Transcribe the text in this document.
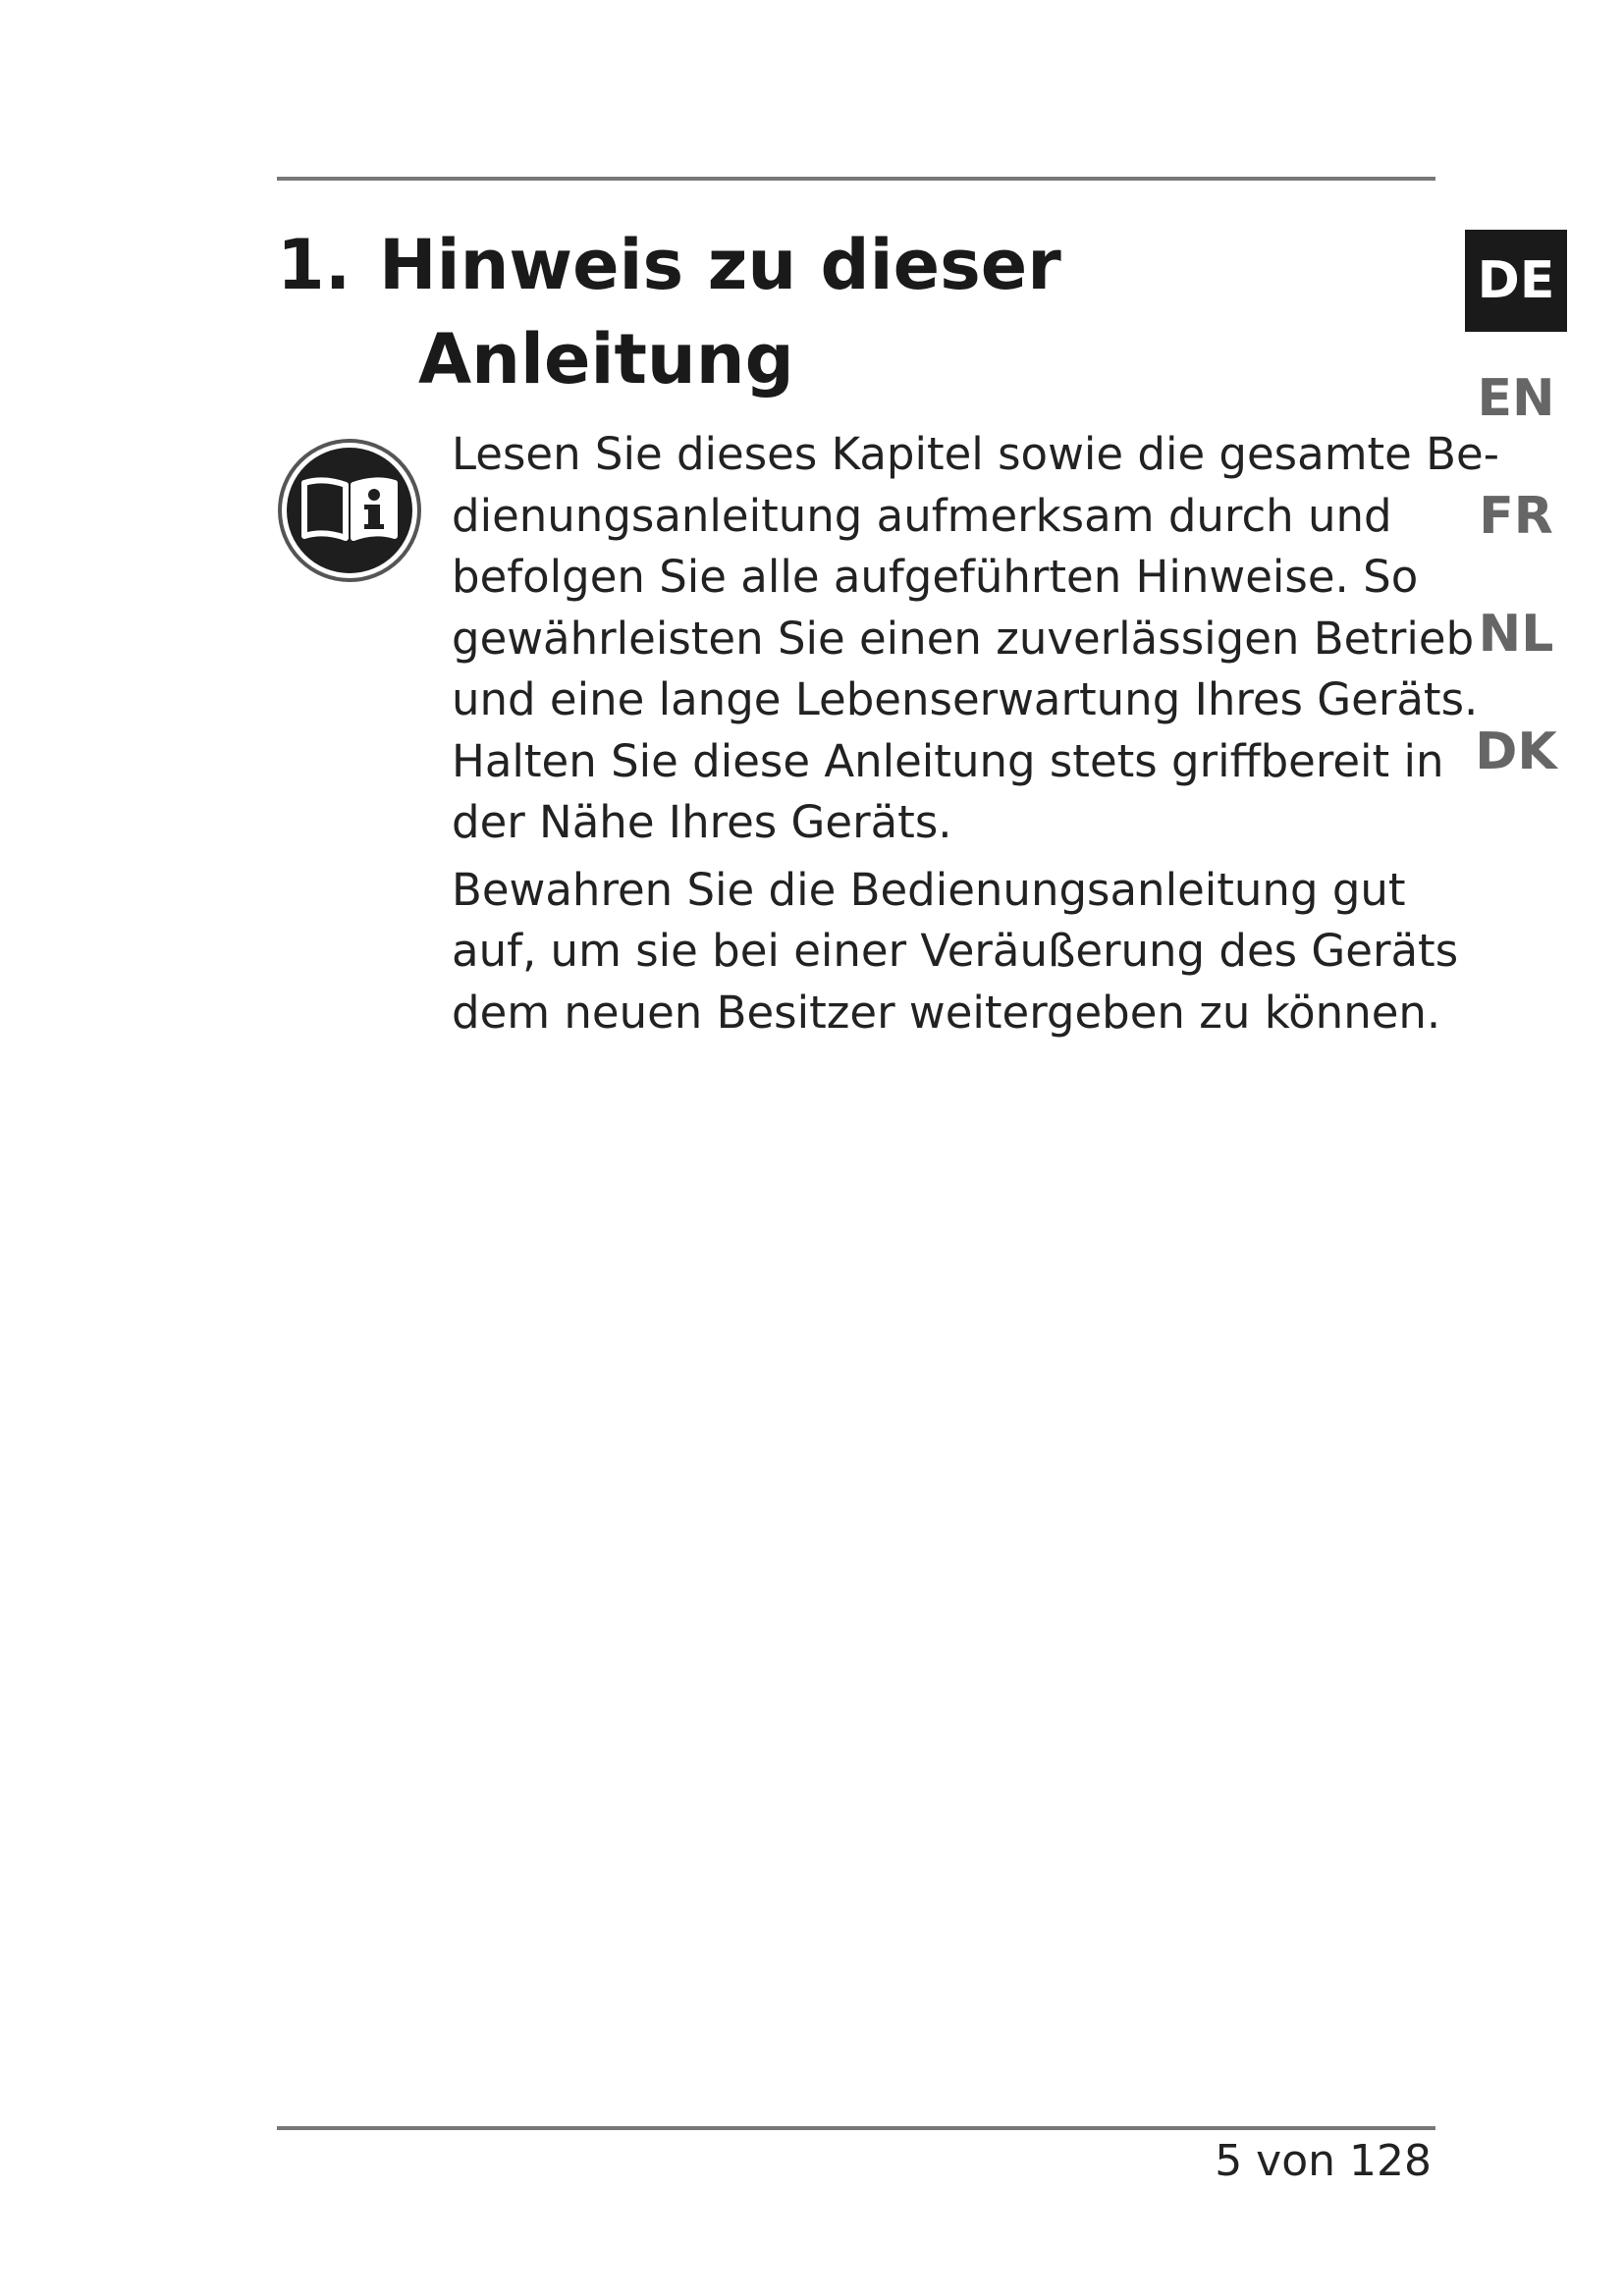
1. Hinweis zu dieser
Anleitung

Lesen Sie dieses Kapitel sowie die gesamte Be-
dienungsanleitung aufmerksam durch und
befolgen Sie alle aufgeführten Hinweise. So
gewährleisten Sie einen zuverlässigen Betrieb
und eine lange Lebenserwartung Ihres Geräts.
Halten Sie diese Anleitung stets griffbereit in
der Nähe Ihres Geräts.

Bewahren Sie die Bedienungsanleitung gut
auf, um sie bei einer Veräußerung des Geräts
dem neuen Besitzer weitergeben zu können.

DE
EN
FR
NL
DK
5 von 128
